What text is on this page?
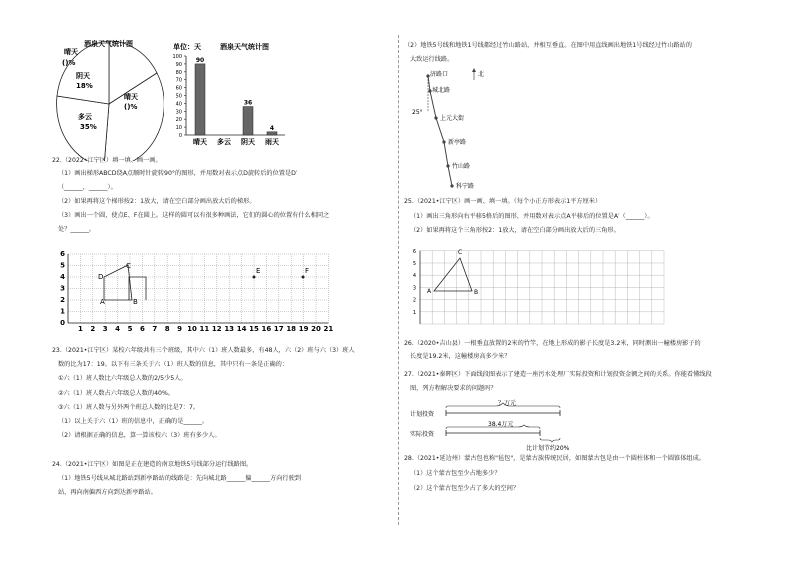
酒泉天气统计图
晴天
()%
阴天
18%
晴天
()%
多云
35%
单位：天	酒泉天气统计图
0
10
20
30
40
50
60
70
80
90
100 90
晴天 多云
36
阴天
4
雨天
22.（2022•江宁区）填一填、画一画。
（1）画出梯形ABCD绕A点顺时针旋转90°的图形，并用数对表示点D旋转后的位置是D′
（______，______）。
（2）如果再将这个梯形按2：1放大，请在空白部分画出放大后的梯形。
（3）画出一个圆，使点E、F在圆上。这样的圆可以有很多种画法，它们的圆心的位置有什么相同之
处？______。
1 2 3 4 5 6 7 8 9 10 11 12 13 14 15 16 17 18 19 20 21
0
1
2
3
4
5
6
A	B
C
D
E	F
23.（2021•江宁区）某校六年级共有三个班级，其中六（1）班人数最多，有48人，六（2）班与六（3）班人
数的比为17：19。以下有三条关于六（1）班人数的信息，其中只有一条是正确的：
①六（1）班人数比六年级总人数的2/5少5人。
②六（1）班人数占六年级总人数的40%。
③六（1）班人数与另外两个班总人数的比是7：7。
（1）以上关于六（1）班的信息中，正确的是______。
（2）请根据正确的信息，算一算该校六（3）班有多少人。
24.（2021•江宁区）如图是正在建造的南京地铁5号线部分运行线路图。
（1）地铁5号线从城北路站到新亭路站的线路是：先向城北路______偏______方向行驶到
站，再向南偏西方向到达新亭路站。
（2）地铁5号线和地铁1号线都经过竹山路站，并相互垂直。在图中用直线画出地铁1号线经过竹山路站的
大致运行线路。
济路口
城北路
上元大街
新亭路
竹山路
科宁路
25°
北
25.（2021•江宁区）画一画、填一填。（每个小正方形表示1平方厘米）
（1）画出三角形向右平移5格后的图形，并用数对表示点A平移后的位置是A′（______）。
（2）如果再将这个三角形按2：1放大，请在空白部分画出放大后的三角形。
1
2
3
4
5
6
A	B
C
26.（2020•吉山县）一根垂直放置的2米的竹竿，在地上形成的影子长度是3.2米，同时测出一幢楼房影子的
长度是19.2米，这幢楼房高多少米？
27.（2021•秦晖区）下面线段图表示了建造一座污水处理厂实际投资和计划投资金额之间的关系。你能看懂线段
图，列方程解决要求的问题吗？
？万元
计划投资
38.4万元
实际投资
比计划节约20%
28.（2021•延边州）蒙古包也称"毡包"，是蒙古族传统民居，如图蒙古包是由一个圆柱体和一个圆锥体组成。
（1）这个蒙古包至少占地多少？
（2）这个蒙古包至少占了多大的空间？
